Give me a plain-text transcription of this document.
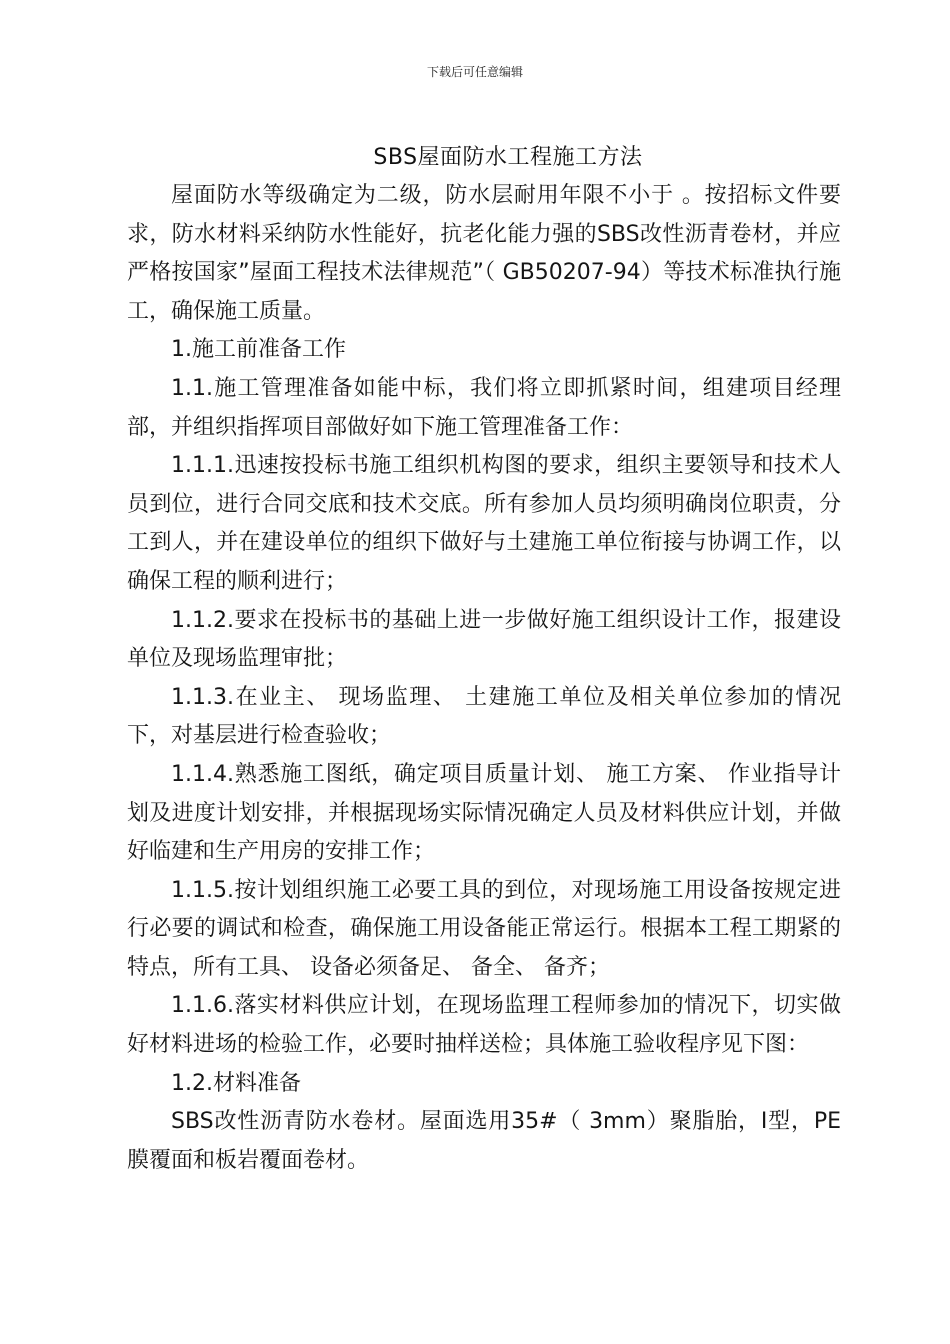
下载后可任意编辑
SBS屋面防水工程施工方法

屋面防水等级确定为二级，防水层耐用年限不小于 。按招标文件要求，防水材料采纳防水性能好，抗老化能力强的SBS改性沥青卷材，并应严格按国家”屋面工程技术法律规范”（ GB50207-94）等技术标准执行施工，确保施工质量。

1.施工前准备工作

1.1.施工管理准备如能中标，我们将立即抓紧时间，组建项目经理部，并组织指挥项目部做好如下施工管理准备工作：

1.1.1.迅速按投标书施工组织机构图的要求，组织主要领导和技术人员到位，进行合同交底和技术交底。所有参加人员均须明确岗位职责，分工到人，并在建设单位的组织下做好与土建施工单位衔接与协调工作，以确保工程的顺利进行；

1.1.2.要求在投标书的基础上进一步做好施工组织设计工作，报建设单位及现场监理审批；

1.1.3.在业主、 现场监理、 土建施工单位及相关单位参加的情况下，对基层进行检查验收；

1.1.4.熟悉施工图纸，确定项目质量计划、 施工方案、 作业指导计划及进度计划安排，并根据现场实际情况确定人员及材料供应计划，并做好临建和生产用房的安排工作；

1.1.5.按计划组织施工必要工具的到位，对现场施工用设备按规定进行必要的调试和检查，确保施工用设备能正常运行。根据本工程工期紧的特点，所有工具、 设备必须备足、 备全、 备齐；

1.1.6.落实材料供应计划，在现场监理工程师参加的情况下，切实做好材料进场的检验工作，必要时抽样送检；具体施工验收程序见下图：

1.2.材料准备

SBS改性沥青防水卷材。屋面选用35#（ 3mm）聚脂胎，Ⅰ型，PE膜覆面和板岩覆面卷材。
